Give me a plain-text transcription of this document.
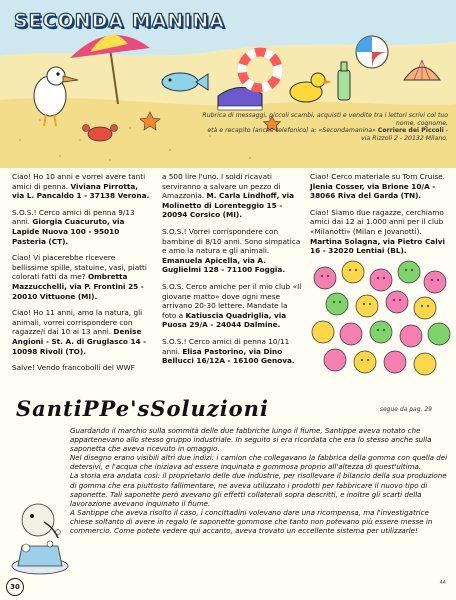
SECONDA MANINA
Rubrica di messaggi, piccoli scambi, acquisti e vendite tra i lettori scrivi col tuo nome, cognome,
età e recapito (anche telefonico) a: «Secondamanina» Corriere dei Piccoli - via Rizzoli 2 - 20132 Milano.

Ciao! Ho 10 anni e vorrei avere tanti amici di penna. Viviana Pirrotta, via L. Pancaldo 1 - 37138 Verona.

S.O.S.! Cerco amici di penna 9/13 anni. Giorgia Cuacuruto, via Lapide Nuova 100 - 95010 Pasteria (CT).

Ciao! Vi piacerebbe ricevere bellissime spille, statuine, vasi, piatti colorati fatti da me? Ombretta Mazzucchelli, via P. Frontini 25 - 20010 Vittuone (MI).

Ciao! Ho 11 anni, amo la natura, gli animali, vorrei corrispondere con ragazze/i dai 10 ai 13 anni. Denise Angioni - St. A. di Gruglasco 14 - 10098 Rivoli (TO).

Salve! Vendo francobolli del WWF

a 500 lire l'uno. I soldi ricavati serviranno a salvare un pezzo di Amazzonia. M. Carla Lindhoff, via Molinetto di Lorenteggio 15 - 20094 Corsico (MI).

S.O.S.! Vorrei corrispondere con bambine di 8/10 anni. Sono simpatica e amo la natura e gli animali. Emanuela Apicella, via A. Guglielmi 128 - 71100 Foggia.

S.O.S. Cerco amiche per il mio club «Il giovane matto» dove ogni mese arrivano 20-30 lettere. Mandate la foto a Katiuscia Quadriglia, via Puosa 29/A - 24044 Dalmine.

S.O.S.! Cerco amici di penna 10/11 anni. Elisa Pastorino, via Dino Bellucci 16/12A - 16100 Genova.

Ciao! Cerco materiale su Tom Cruise. Jlenia Cosser, via Brione 10/A - 38066 Riva del Garda (TN).

Ciao! Siamo due ragazze, cerchiamo amici dai 12 ai 1.000 anni per il club «Milanotti» (Milan e Jovanotti). Martina Solagna, via Pietro Calvi 16 - 32020 Lentiai (BL).

SantiPPe'sSoluzioni	segue da pag. 29

Guardando il marchio sulla sommità delle due fabbriche lungo il fiume, Santippe aveva notato che appartenevano allo stesso gruppo industriale. In seguito si era ricordata che era lo stesso anche sulla saponetta che aveva ricevuto in omaggio.

Nel disegno erano visibili altri due indizi: i camion che collegavano la fabbrica della gomma con quella dei detersivi, e l'acqua che iniziava ad essere inquinata e gommosa proprio all'altezza di quest'ultima.

La storia era andata così: il proprietario delle due industrie, per risollevare il bilancio della sua produzione di gomma che era piuttosto fallimentare, ne aveva utilizzato i prodotti per fabbricare il nuovo tipo di saponette. Tali saponette però avevano gli effetti collaterali sopra descritti, e inoltre gli scarti della lavorazione avevano inquinato il fiume.

A Santippe che aveva risolto il caso, i concittadini volevano dare una ricompensa, ma l'investigatrice chiese soltanto di avere in regalo le saponette gommose che tanto non potevano più essere messe in commercio. Come potete vedere qui accanto, aveva trovato un eccellente sistema per utilizzarle!

30	44
